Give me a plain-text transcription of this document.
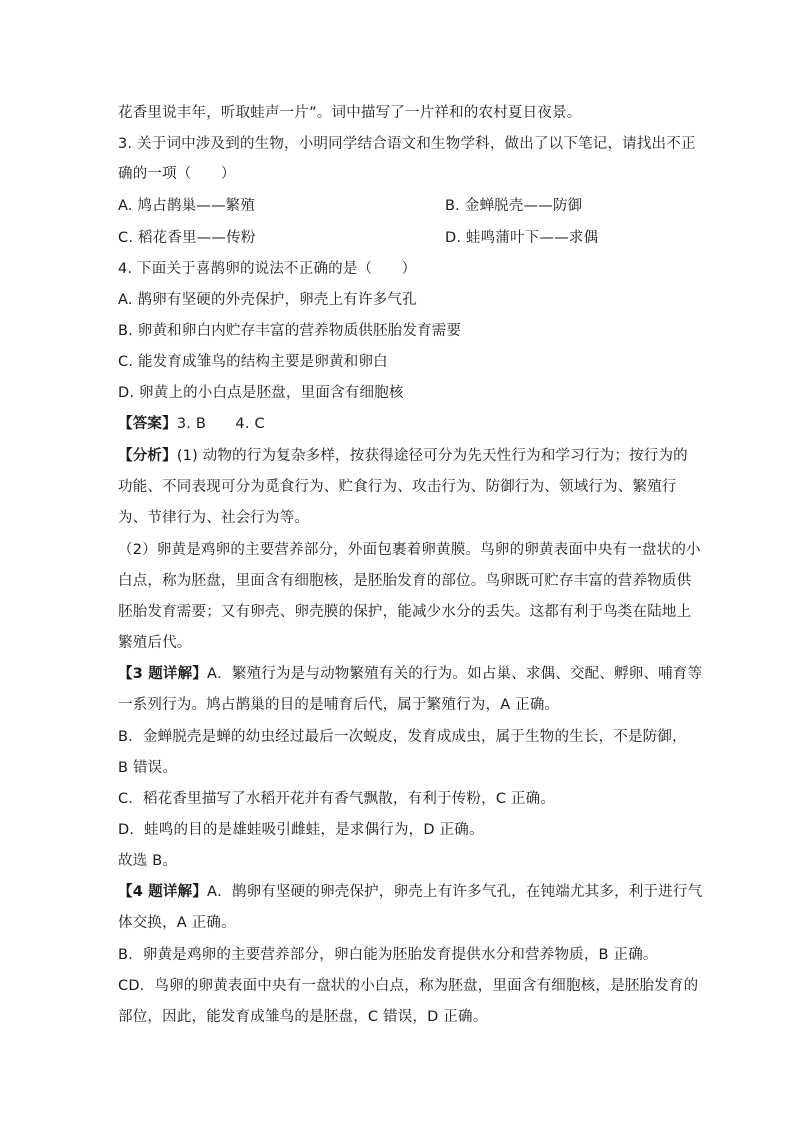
花香里说丰年，听取蛙声一片”。词中描写了一片祥和的农村夏日夜景。
3. 关于词中涉及到的生物，小明同学结合语文和生物学科，做出了以下笔记，请找出不正
确的一项（　　）
A. 鸠占鹊巢——繁殖	B. 金蝉脱壳——防御
C. 稻花香里——传粉	D. 蛙鸣蒲叶下——求偶
4. 下面关于喜鹊卵的说法不正确的是（　　）
A. 鹊卵有坚硬的外壳保护，卵壳上有许多气孔
B. 卵黄和卵白内贮存丰富的营养物质供胚胎发育需要
C. 能发育成雏鸟的结构主要是卵黄和卵白
D. 卵黄上的小白点是胚盘，里面含有细胞核
【答案】3. B　　4. C
【分析】(1) 动物的行为复杂多样，按获得途径可分为先天性行为和学习行为；按行为的
功能、不同表现可分为觅食行为、贮食行为、攻击行为、防御行为、领域行为、繁殖行
为、节律行为、社会行为等。
（2）卵黄是鸡卵的主要营养部分，外面包裹着卵黄膜。鸟卵的卵黄表面中央有一盘状的小
白点，称为胚盘，里面含有细胞核，是胚胎发育的部位。鸟卵既可贮存丰富的营养物质供
胚胎发育需要；又有卵壳、卵壳膜的保护，能减少水分的丢失。这都有利于鸟类在陆地上
繁殖后代。
【3 题详解】A．繁殖行为是与动物繁殖有关的行为。如占巢、求偶、交配、孵卵、哺育等
一系列行为。鸠占鹊巢的目的是哺育后代，属于繁殖行为，A 正确。
B．金蝉脱壳是蝉的幼虫经过最后一次蜕皮，发育成成虫，属于生物的生长，不是防御，
B 错误。
C．稻花香里描写了水稻开花并有香气飘散，有利于传粉，C 正确。
D．蛙鸣的目的是雄蛙吸引雌蛙，是求偶行为，D 正确。
故选 B。
【4 题详解】A．鹊卵有坚硬的卵壳保护，卵壳上有许多气孔，在钝端尤其多，利于进行气
体交换，A 正确。
B．卵黄是鸡卵的主要营养部分，卵白能为胚胎发育提供水分和营养物质，B 正确。
CD．鸟卵的卵黄表面中央有一盘状的小白点，称为胚盘，里面含有细胞核，是胚胎发育的
部位，因此，能发育成雏鸟的是胚盘，C 错误，D 正确。
